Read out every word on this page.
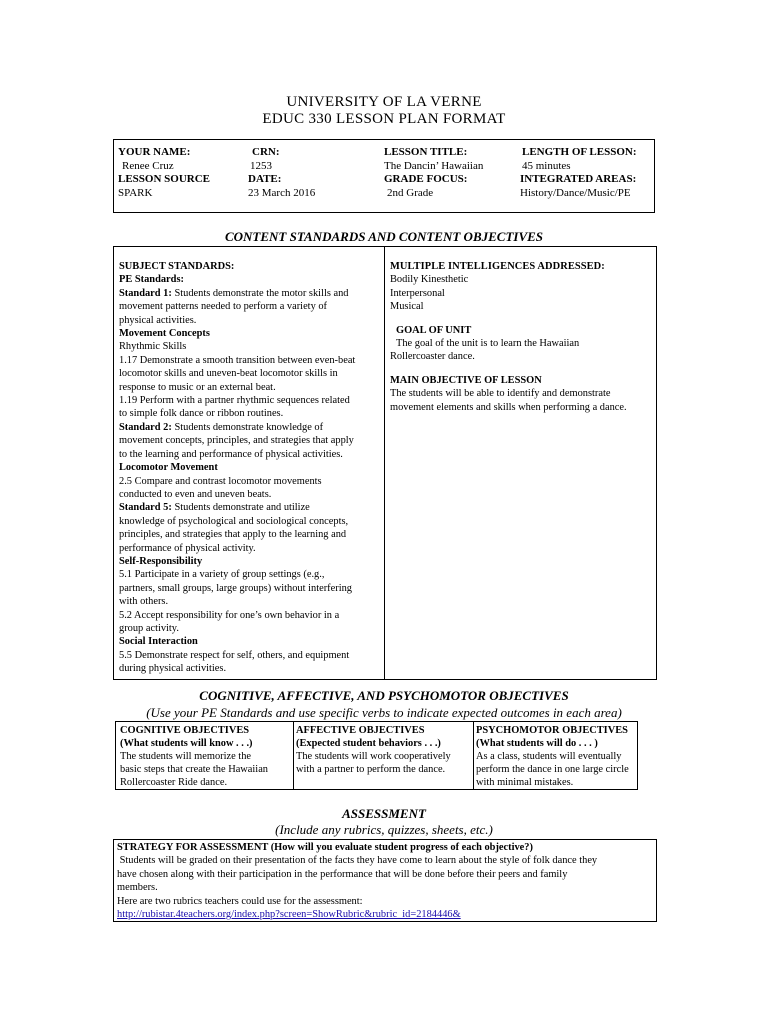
UNIVERSITY OF LA VERNE
EDUC 330 LESSON PLAN FORMAT
YOUR NAME:
Renee Cruz
LESSON SOURCE
SPARK
CRN:
1253
DATE:
23 March 2016
LESSON TITLE:
The Dancin’ Hawaiian
GRADE FOCUS:
2nd Grade
LENGTH OF LESSON:
45 minutes
INTEGRATED AREAS:
History/Dance/Music/PE
CONTENT STANDARDS AND CONTENT OBJECTIVES
SUBJECT STANDARDS:
PE Standards:
Standard 1: Students demonstrate the motor skills and
movement patterns needed to perform a variety of
physical activities.
Movement Concepts
Rhythmic Skills
1.17 Demonstrate a smooth transition between even-beat
locomotor skills and uneven-beat locomotor skills in
response to music or an external beat.
1.19 Perform with a partner rhythmic sequences related
to simple folk dance or ribbon routines.
Standard 2: Students demonstrate knowledge of
movement concepts, principles, and strategies that apply
to the learning and performance of physical activities.
Locomotor Movement
2.5 Compare and contrast locomotor movements
conducted to even and uneven beats.
Standard 5: Students demonstrate and utilize
knowledge of psychological and sociological concepts,
principles, and strategies that apply to the learning and
performance of physical activity.
Self-Responsibility
5.1 Participate in a variety of group settings (e.g.,
partners, small groups, large groups) without interfering
with others.
5.2 Accept responsibility for one’s own behavior in a
group activity.
Social Interaction
5.5 Demonstrate respect for self, others, and equipment
during physical activities.
MULTIPLE INTELLIGENCES ADDRESSED:
Bodily Kinesthetic
Interpersonal
Musical
GOAL OF UNIT
The goal of the unit is to learn the Hawaiian
Rollercoaster dance.
MAIN OBJECTIVE OF LESSON
The students will be able to identify and demonstrate
movement elements and skills when performing a dance.
COGNITIVE, AFFECTIVE, AND PSYCHOMOTOR OBJECTIVES
(Use your PE Standards and use specific verbs to indicate expected outcomes in each area)
COGNITIVE OBJECTIVES
(What students will know . . .)
The students will memorize the
basic steps that create the Hawaiian
Rollercoaster Ride dance.
AFFECTIVE OBJECTIVES
(Expected student behaviors . . .)
The students will work cooperatively
with a partner to perform the dance.
PSYCHOMOTOR OBJECTIVES
(What students will do . . . )
As a class, students will eventually
perform the dance in one large circle
with minimal mistakes.
ASSESSMENT
(Include any rubrics, quizzes, sheets, etc.)
STRATEGY FOR ASSESSMENT (How will you evaluate student progress of each objective?)
Students will be graded on their presentation of the facts they have come to learn about the style of folk dance they
have chosen along with their participation in the performance that will be done before their peers and family
members.
Here are two rubrics teachers could use for the assessment:
http://rubistar.4teachers.org/index.php?screen=ShowRubric&rubric_id=2184446&
